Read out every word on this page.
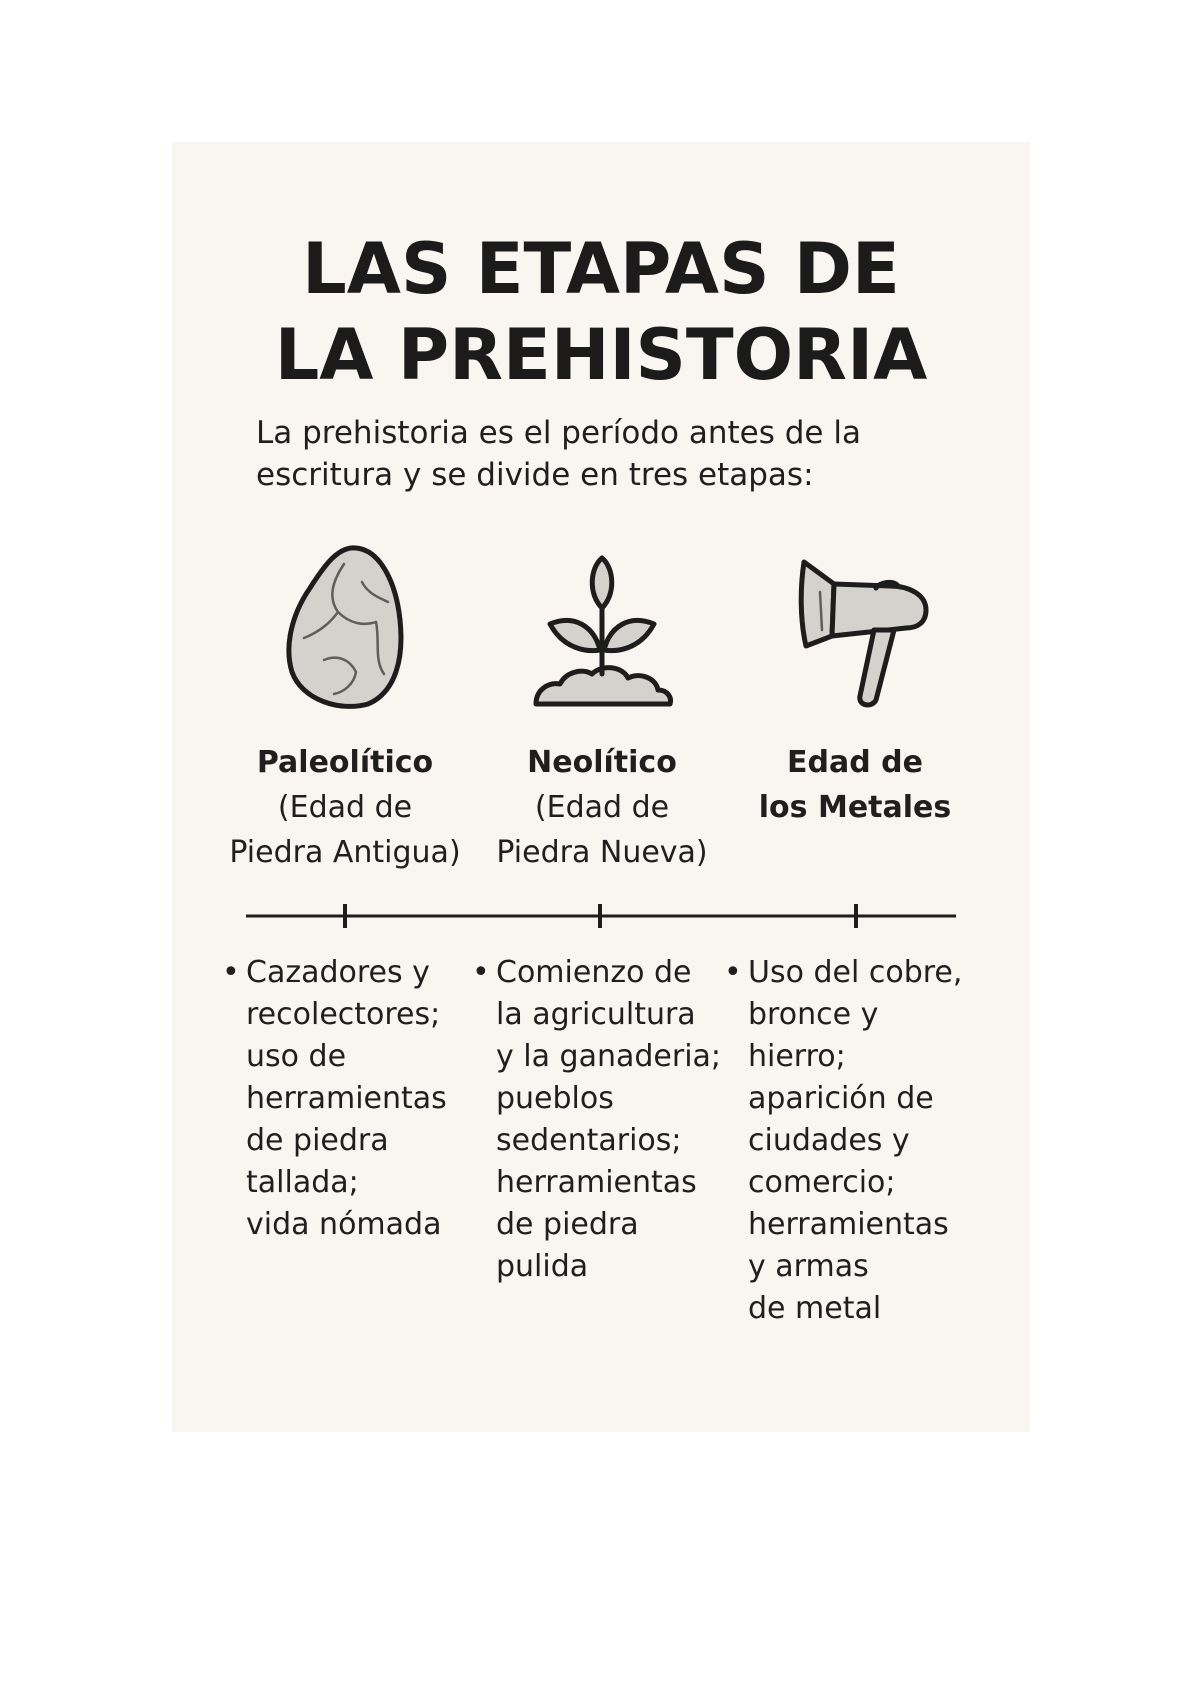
LAS ETAPAS DE
LA PREHISTORIA

La prehistoria es el período antes de la
escritura y se divide en tres etapas:

Paleolítico
(Edad de
Piedra Antigua)
Neolítico
(Edad de
Piedra Nueva)
Edad de
los Metales
• Cazadores y
recolectores;
uso de
herramientas
de piedra
tallada;
vida nómada
• Comienzo de
la agricultura
y la ganaderia;
pueblos
sedentarios;
herramientas
de piedra
pulida
• Uso del cobre,
bronce y
hierro;
aparición de
ciudades y
comercio;
herramientas
y armas
de metal
